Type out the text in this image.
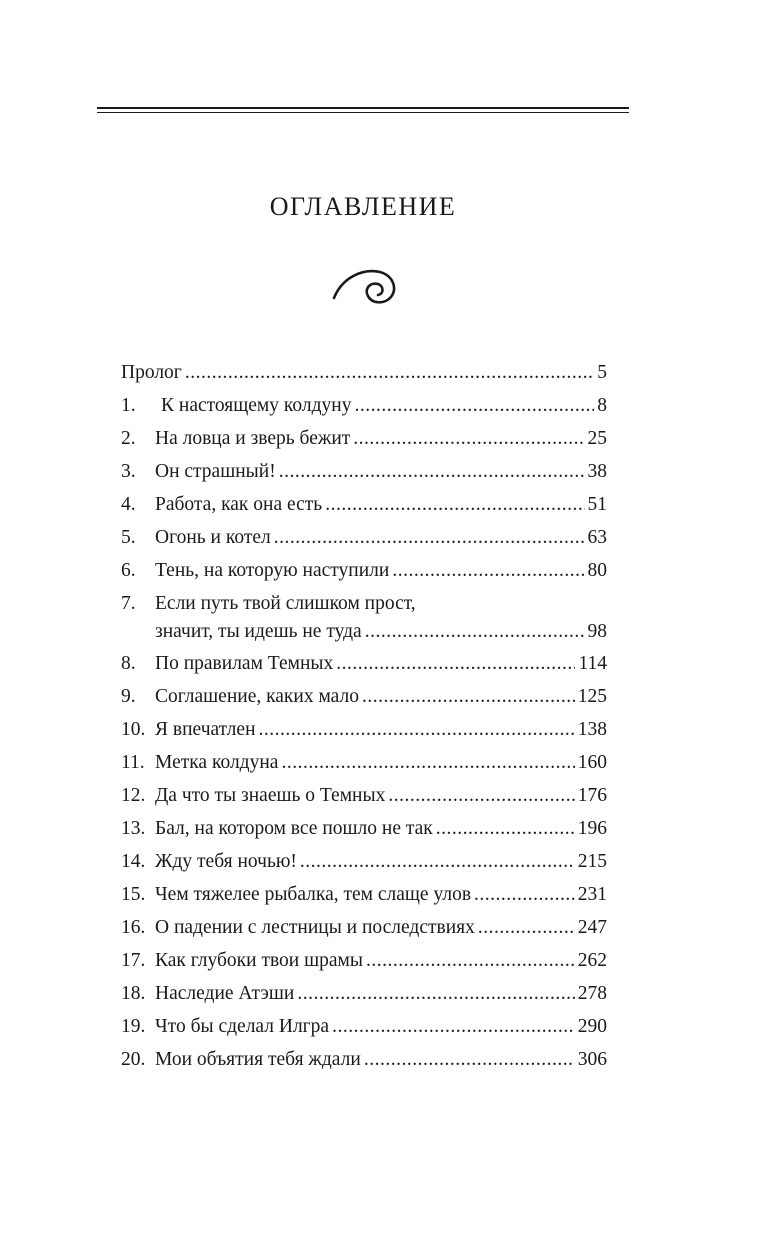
ОГЛАВЛЕНИЕ
Пролог .....	5
1.	К настоящему колдуну .....	8
2. На ловца и зверь бежит .....	25
3. Он страшный! .....	38
4. Работа, как она есть .....	51
5. Огонь и котел .....	63
6. Тень, на которую наступили .....	80
7. Если путь твой слишком прост,
значит, ты идешь не туда .....	98
8. По правилам Темных .....	114
9. Соглашение, каких мало .....	125
10. Я впечатлен .....	138
11. Метка колдуна .....	160
12. Да что ты знаешь о Темных .....	176
13. Бал, на котором все пошло не так .....	196
14. Жду тебя ночью! .....	215
15. Чем тяжелее рыбалка, тем слаще улов .....	231
16. О падении с лестницы и последствиях .....	247
17. Как глубоки твои шрамы .....	262
18. Наследие Атэши .....	278
19. Что бы сделал Илгра .....	290
20. Мои объятия тебя ждали .....	306
